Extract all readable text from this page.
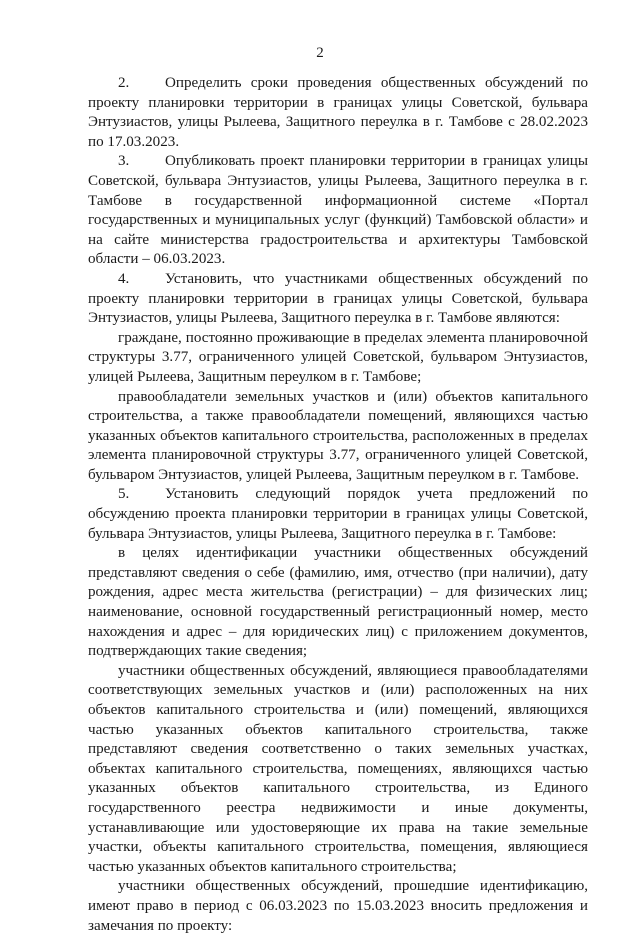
2

2. Определить сроки проведения общественных обсуждений по проекту планировки территории в границах улицы Советской, бульвара Энтузиастов, улицы Рылеева, Защитного переулка в г. Тамбове с 28.02.2023 по 17.03.2023.

3. Опубликовать проект планировки территории в границах улицы Советской, бульвара Энтузиастов, улицы Рылеева, Защитного переулка в г. Тамбове в государственной информационной системе «Портал государственных и муниципальных услуг (функций) Тамбовской области» и на сайте министерства градостроительства и архитектуры Тамбовской области – 06.03.2023.

4. Установить, что участниками общественных обсуждений по проекту планировки территории в границах улицы Советской, бульвара Энтузиастов, улицы Рылеева, Защитного переулка в г. Тамбове являются:

граждане, постоянно проживающие в пределах элемента планировочной структуры 3.77, ограниченного улицей Советской, бульваром Энтузиастов, улицей Рылеева, Защитным переулком в г. Тамбове;

правообладатели земельных участков и (или) объектов капитального строительства, а также правообладатели помещений, являющихся частью указанных объектов капитального строительства, расположенных в пределах элемента планировочной структуры 3.77, ограниченного улицей Советской, бульваром Энтузиастов, улицей Рылеева, Защитным переулком в г. Тамбове.

5. Установить следующий порядок учета предложений по обсуждению проекта планировки территории в границах улицы Советской, бульвара Энтузиастов, улицы Рылеева, Защитного переулка в г. Тамбове:

в целях идентификации участники общественных обсуждений представляют сведения о себе (фамилию, имя, отчество (при наличии), дату рождения, адрес места жительства (регистрации) – для физических лиц; наименование, основной государственный регистрационный номер, место нахождения и адрес – для юридических лиц) с приложением документов, подтверждающих такие сведения;

участники общественных обсуждений, являющиеся правообладателями соответствующих земельных участков и (или) расположенных на них объектов капитального строительства и (или) помещений, являющихся частью указанных объектов капитального строительства, также представляют сведения соответственно о таких земельных участках, объектах капитального строительства, помещениях, являющихся частью указанных объектов капитального строительства, из Единого государственного реестра недвижимости и иные документы, устанавливающие или удостоверяющие их права на такие земельные участки, объекты капитального строительства, помещения, являющиеся частью указанных объектов капитального строительства;

участники общественных обсуждений, прошедшие идентификацию, имеют право в период с 06.03.2023 по 15.03.2023 вносить предложения и замечания по проекту:
